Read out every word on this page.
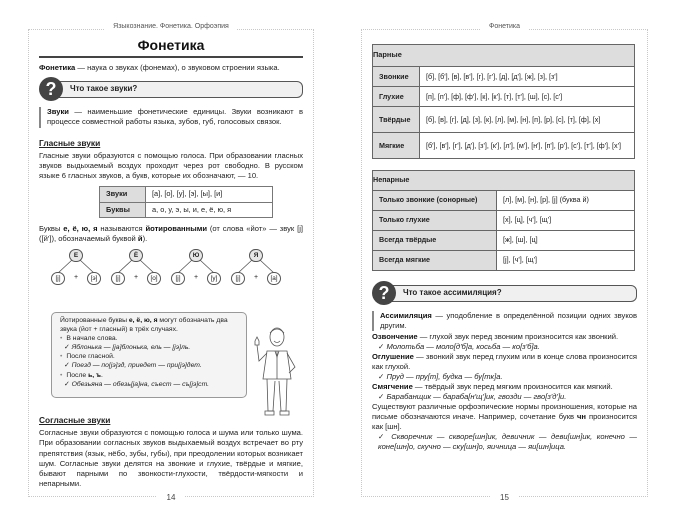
Языкознание. Фонетика. Орфоэпия
Фонетика

Фонетика — наука о звуках (фонемах), о звуковом строении языка.

?	Что такое звуки?
Звуки — наименьшие фонетические единицы. Звуки возникают в процессе совместной работы языка, зубов, губ, голосовых связок.
Гласные звуки

Гласные звуки образуются с помощью голоса. При образовании гласных звуков выдыхаемый воздух проходит через рот свободно. В русском языке 6 гласных звуков, а букв, которые их обозначают, — 10.

Звуки	[а], [о], [у], [э], [ы], [и]
Буквы	а, о, у, э, ы, и, е, ё, ю, я

Буквы е, ё, ю, я называются йотированными (от слова «йот» — звук [j] ([й']), обозначаемый буквой й).

Е
[j]	+	[э]
Ё
[j]	+	[о]
Ю
[j]	+	[у]
Я
[j]	+	[а]

Йотированные буквы е, ё, ю, я могут обозначать два звука (йот + гласный) в трёх случаях.

• В начале слова.
✓ Яблонька — [ja]блонька, ель — [jэ]ль.
• После гласной.
✓ Поезд — по[jэ]зд, приедет — при[jэ]дет.
• После ь, ъ.
✓ Обезьяна — обезь[ja]на, съест — съ[jэ]ст.
Согласные звуки

Согласные звуки образуются с помощью голоса и шума или только шума. При образовании согласных звуков выдыхаемый воздух встречает во рту препятствия (язык, нёбо, зубы, губы), при преодолении которых возникает шум. Согласные звуки делятся на звонкие и глухие, твёрдые и мягкие, бывают парными по звонкости-глухости, твёрдости-мягкости и непарными.

14
Фонетика
Парные	
Звонкие	[б], [б'], [в], [в'], [г], [г'], [д], [д'], [ж], [з], [з']
Глухие	[п], [п'], [ф], [ф'], [к], [к'], [т], [т'], [ш], [с], [с']
Твёрдые	[б], [в], [г], [д], [з], [к], [л], [м], [н], [п], [р], [с], [т], [ф], [х]
Мягкие	[б'], [в'], [г'], [д'], [з'], [к'], [л'], [м'], [н'], [п'], [р'], [с'], [т'], [ф'], [х']
Непарные	
Только звонкие (сонорные)	[л], [м], [н], [р], [j] (буква й)
Только глухие	[х], [ц], [ч'], [щ']
Всегда твёрдые	[ж], [ш], [ц]
Всегда мягкие	[j], [ч'], [щ']
?	Что такое ассимиляция?
Ассимиляция — уподобление в определённой позиции одних звуков другим.

Озвончение — глухой звук перед звонким произносится как звонкий.

✓ Молотьба — моло[д'б]а, косьба — ко[з'б]а.

Оглушение — звонкий звук перед глухим или в конце слова произносится как глухой.

✓ Пруд — пру[т], будка — бу[тк]а.

Смягчение — твёрдый звук перед мягким произносится как мягкий.

✓ Барабанщик — бараба[н'щ']ик, гвозди — гво[з'д']и.

Существуют различные орфоэпические нормы произношения, которые на письме обозначаются иначе. Например, сочетание букв чн произносится как [шн].

✓ Скворечник — скворе[шн]ик, девичник — деви[шн]ик, конечно — коне[шн]о, скучно — ску[шн]о, яичница — яи[шн]ица.

15
